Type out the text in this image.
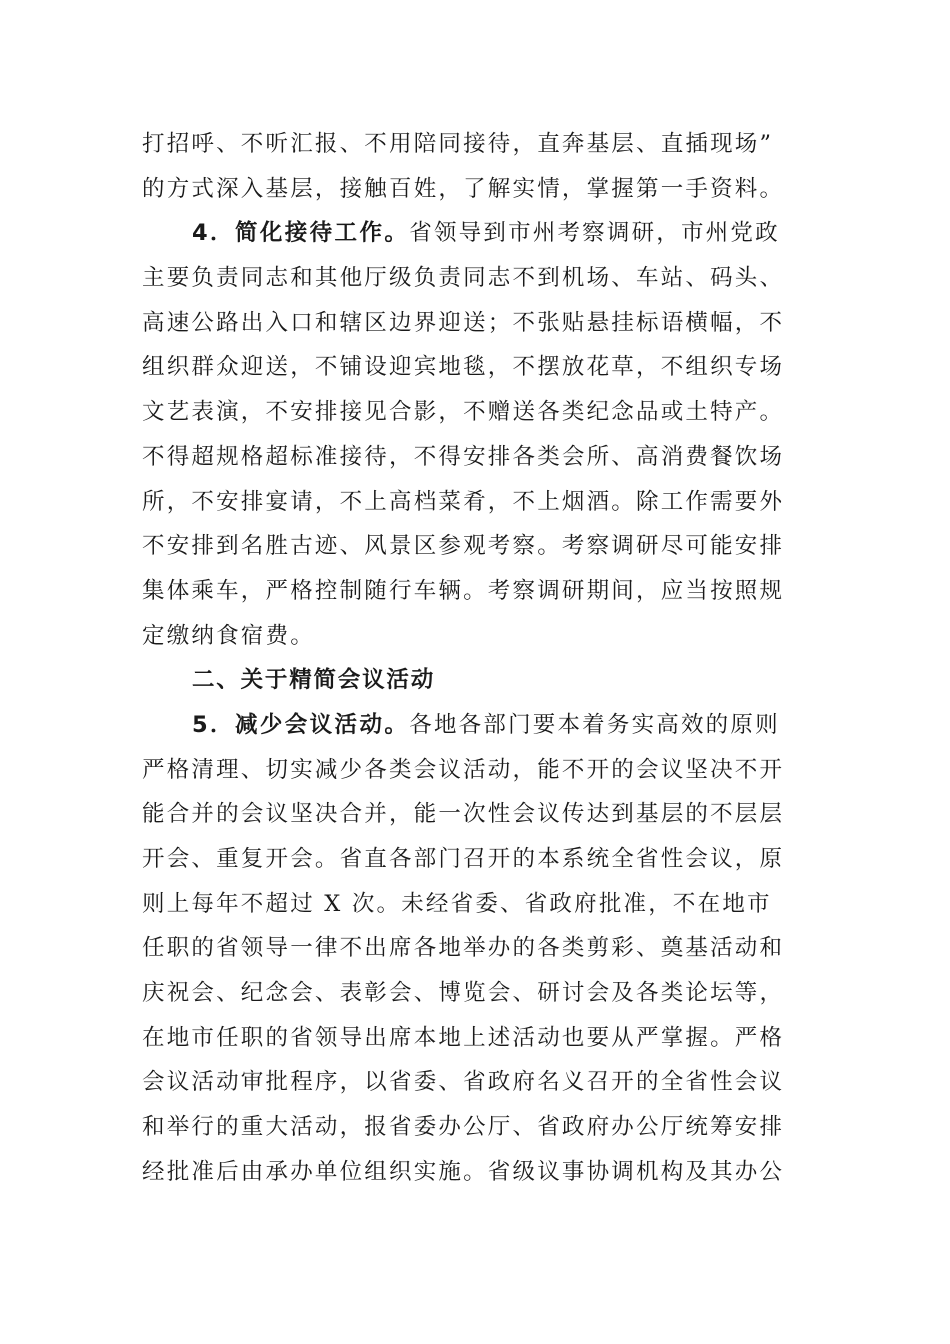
打招呼、不听汇报、不用陪同接待，直奔基层、直插现场”
的方式深入基层，接触百姓，了解实情，掌握第一手资料。
4．简化接待工作。省领导到市州考察调研，市州党政
主要负责同志和其他厅级负责同志不到机场、车站、码头、
高速公路出入口和辖区边界迎送；不张贴悬挂标语横幅，不
组织群众迎送，不铺设迎宾地毯，不摆放花草，不组织专场
文艺表演，不安排接见合影，不赠送各类纪念品或土特产。
不得超规格超标准接待，不得安排各类会所、高消费餐饮场
所，不安排宴请，不上高档菜肴，不上烟酒。除工作需要外
不安排到名胜古迹、风景区参观考察。考察调研尽可能安排
集体乘车，严格控制随行车辆。考察调研期间，应当按照规
定缴纳食宿费。
二、关于精简会议活动
5．减少会议活动。各地各部门要本着务实高效的原则
严格清理、切实减少各类会议活动，能不开的会议坚决不开
能合并的会议坚决合并，能一次性会议传达到基层的不层层
开会、重复开会。省直各部门召开的本系统全省性会议，原
则上每年不超过 X 次。未经省委、省政府批准，不在地市
任职的省领导一律不出席各地举办的各类剪彩、奠基活动和
庆祝会、纪念会、表彰会、博览会、研讨会及各类论坛等，
在地市任职的省领导出席本地上述活动也要从严掌握。严格
会议活动审批程序，以省委、省政府名义召开的全省性会议
和举行的重大活动，报省委办公厅、省政府办公厅统筹安排
经批准后由承办单位组织实施。省级议事协调机构及其办公
